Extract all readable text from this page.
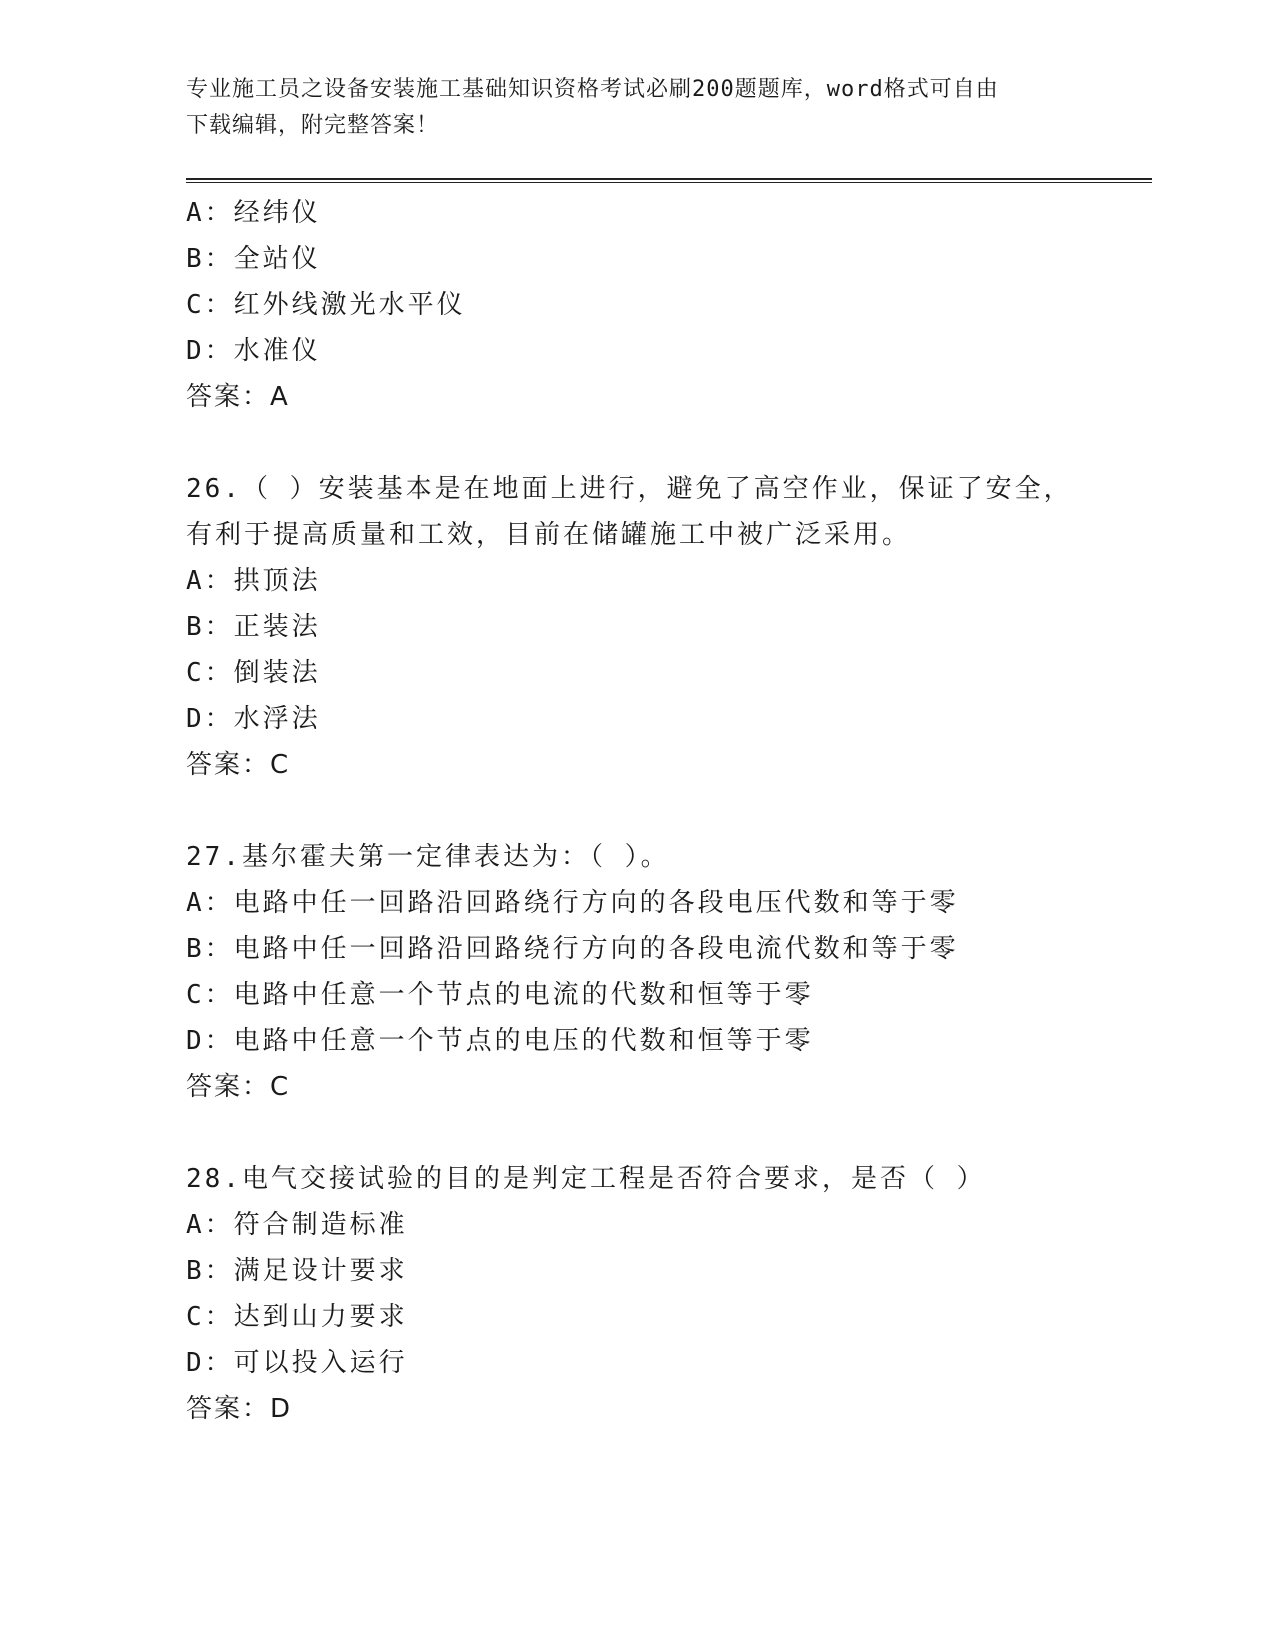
专业施工员之设备安装施工基础知识资格考试必刷200题题库，word格式可自由
下载编辑，附完整答案！
A：经纬仪
B：全站仪
C：红外线激光水平仪
D：水准仪
答案：A
26.（ ）安装基本是在地面上进行，避免了高空作业，保证了安全，
有利于提高质量和工效，目前在储罐施工中被广泛采用。
A：拱顶法
B：正装法
C：倒装法
D：水浮法
答案：C
27.基尔霍夫第一定律表达为：（ ）。
A：电路中任一回路沿回路绕行方向的各段电压代数和等于零
B：电路中任一回路沿回路绕行方向的各段电流代数和等于零
C：电路中任意一个节点的电流的代数和恒等于零
D：电路中任意一个节点的电压的代数和恒等于零
答案：C
28.电气交接试验的目的是判定工程是否符合要求，是否（ ）
A：符合制造标准
B：满足设计要求
C：达到山力要求
D：可以投入运行
答案：D
